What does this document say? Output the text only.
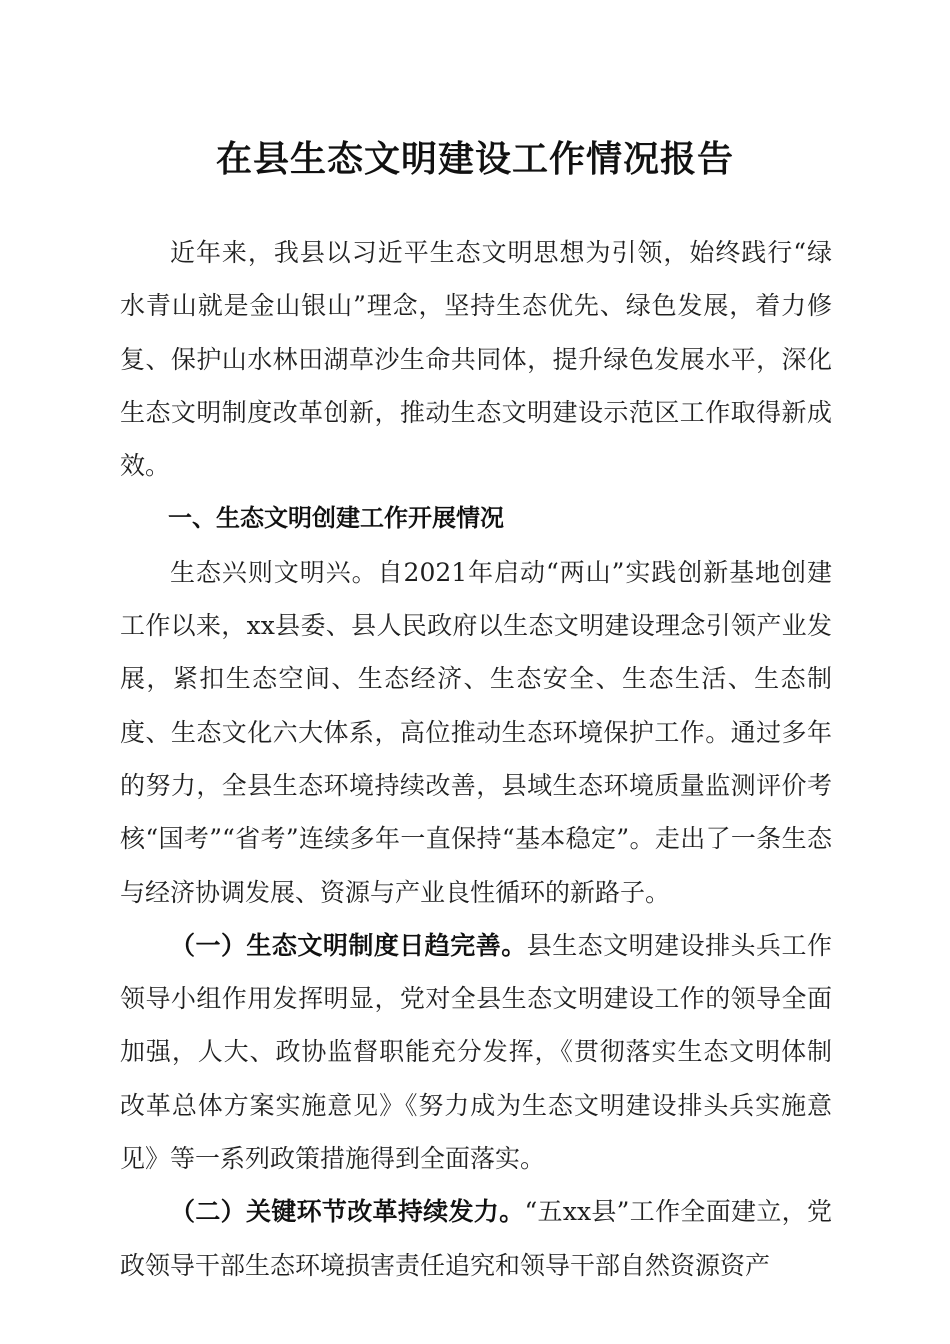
在县生态文明建设工作情况报告

近年来，我县以习近平生态文明思想为引领，始终践行“绿水青山就是金山银山”理念，坚持生态优先、绿色发展，着力修复、保护山水林田湖草沙生命共同体，提升绿色发展水平，深化生态文明制度改革创新，推动生态文明建设示范区工作取得新成效。

一、生态文明创建工作开展情况

生态兴则文明兴。自2021年启动“两山”实践创新基地创建工作以来，xx县委、县人民政府以生态文明建设理念引领产业发展，紧扣生态空间、生态经济、生态安全、生态生活、生态制度、生态文化六大体系，高位推动生态环境保护工作。通过多年的努力，全县生态环境持续改善，县域生态环境质量监测评价考核“国考”“省考”连续多年一直保持“基本稳定”。走出了一条生态与经济协调发展、资源与产业良性循环的新路子。

（一）生态文明制度日趋完善。县生态文明建设排头兵工作领导小组作用发挥明显，党对全县生态文明建设工作的领导全面加强，人大、政协监督职能充分发挥，《贯彻落实生态文明体制改革总体方案实施意见》《努力成为生态文明建设排头兵实施意见》等一系列政策措施得到全面落实。

（二）关键环节改革持续发力。“五xx县”工作全面建立，党政领导干部生态环境损害责任追究和领导干部自然资源资产
